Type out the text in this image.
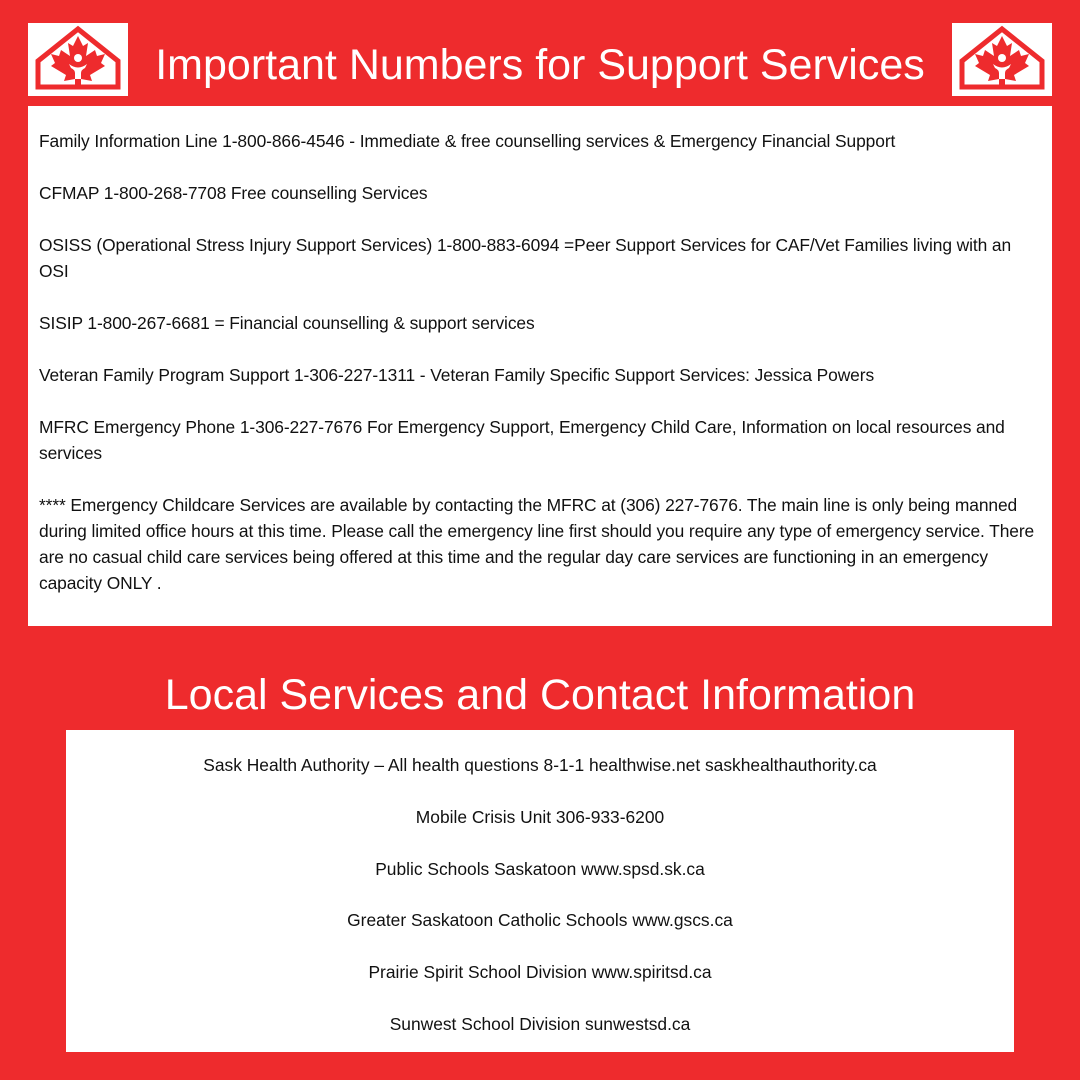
Important Numbers for Support Services

Family Information Line 1-800-866-4546 - Immediate & free counselling services & Emergency Financial Support

CFMAP 1-800-268-7708 Free counselling Services

OSISS (Operational Stress Injury Support Services) 1-800-883-6094 =Peer Support Services for CAF/Vet Families living with an OSI

SISIP 1-800-267-6681 = Financial counselling & support services

Veteran Family Program Support 1-306-227-1311 - Veteran Family Specific Support Services: Jessica Powers

MFRC Emergency Phone 1-306-227-7676 For Emergency Support, Emergency Child Care, Information on local resources and services

**** Emergency Childcare Services are available by contacting the MFRC at (306) 227-7676. The main line is only being manned during limited office hours at this time. Please call the emergency line first should you require any type of emergency service. There are no casual child care services being offered at this time and the regular day care services are functioning in an emergency capacity ONLY .

Local Services and Contact Information

Sask Health Authority – All health questions 8-1-1 healthwise.net saskhealthauthority.ca

Mobile Crisis Unit 306-933-6200

Public Schools Saskatoon www.spsd.sk.ca

Greater Saskatoon Catholic Schools www.gscs.ca

Prairie Spirit School Division www.spiritsd.ca

Sunwest School Division sunwestsd.ca
